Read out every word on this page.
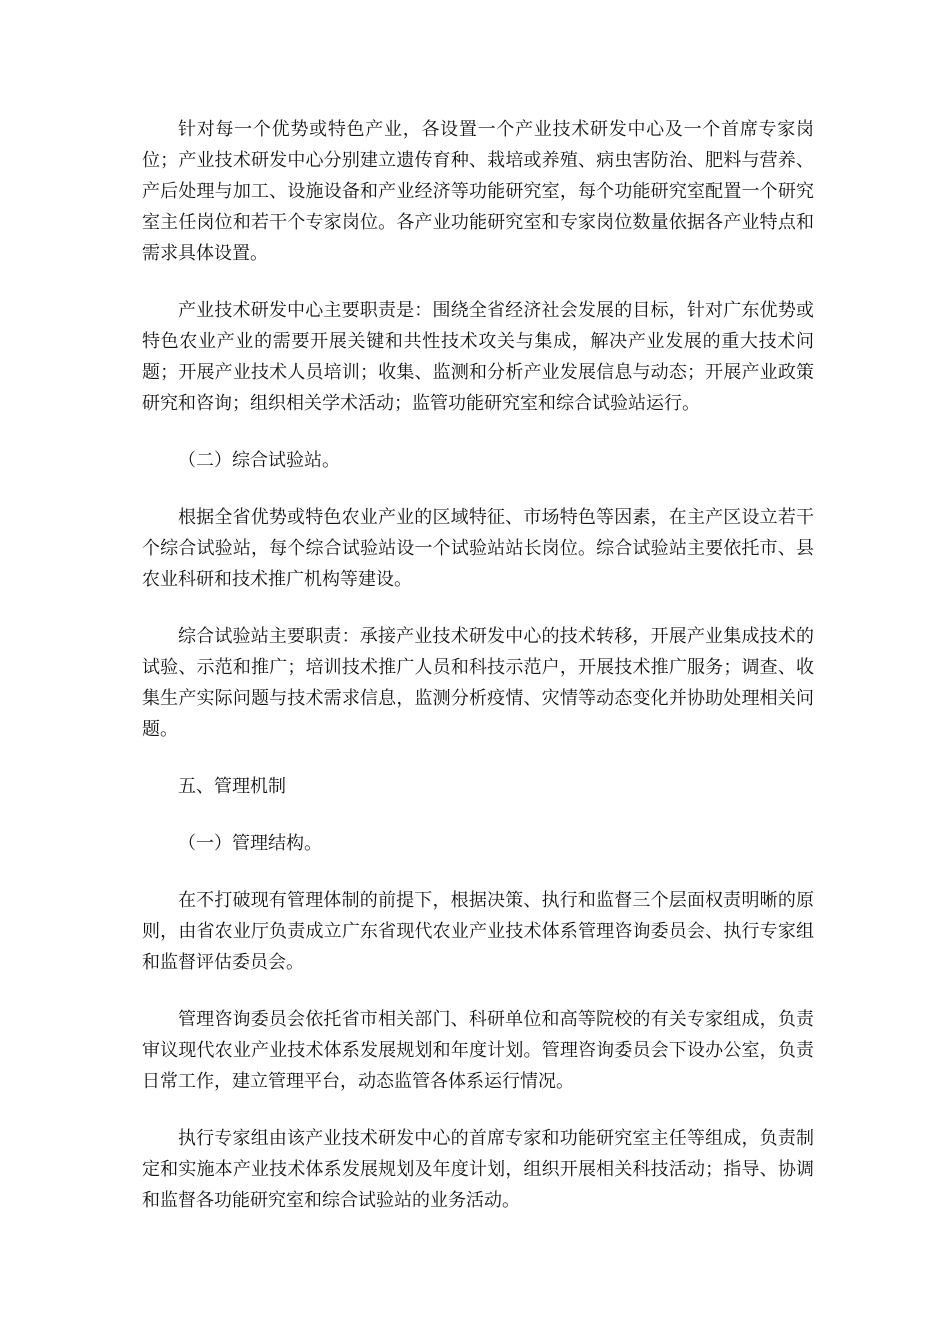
针对每一个优势或特色产业，各设置一个产业技术研发中心及一个首席专家岗位；产业技术研发中心分别建立遗传育种、栽培或养殖、病虫害防治、肥料与营养、产后处理与加工、设施设备和产业经济等功能研究室，每个功能研究室配置一个研究室主任岗位和若干个专家岗位。各产业功能研究室和专家岗位数量依据各产业特点和需求具体设置。

产业技术研发中心主要职责是：围绕全省经济社会发展的目标，针对广东优势或特色农业产业的需要开展关键和共性技术攻关与集成，解决产业发展的重大技术问题；开展产业技术人员培训；收集、监测和分析产业发展信息与动态；开展产业政策研究和咨询；组织相关学术活动；监管功能研究室和综合试验站运行。

（二）综合试验站。

根据全省优势或特色农业产业的区域特征、市场特色等因素，在主产区设立若干个综合试验站，每个综合试验站设一个试验站站长岗位。综合试验站主要依托市、县农业科研和技术推广机构等建设。

综合试验站主要职责：承接产业技术研发中心的技术转移，开展产业集成技术的试验、示范和推广；培训技术推广人员和科技示范户，开展技术推广服务；调查、收集生产实际问题与技术需求信息，监测分析疫情、灾情等动态变化并协助处理相关问题。

五、管理机制

（一）管理结构。

在不打破现有管理体制的前提下，根据决策、执行和监督三个层面权责明晰的原则，由省农业厅负责成立广东省现代农业产业技术体系管理咨询委员会、执行专家组和监督评估委员会。

管理咨询委员会依托省市相关部门、科研单位和高等院校的有关专家组成，负责审议现代农业产业技术体系发展规划和年度计划。管理咨询委员会下设办公室，负责日常工作，建立管理平台，动态监管各体系运行情况。

执行专家组由该产业技术研发中心的首席专家和功能研究室主任等组成，负责制定和实施本产业技术体系发展规划及年度计划，组织开展相关科技活动；指导、协调和监督各功能研究室和综合试验站的业务活动。
